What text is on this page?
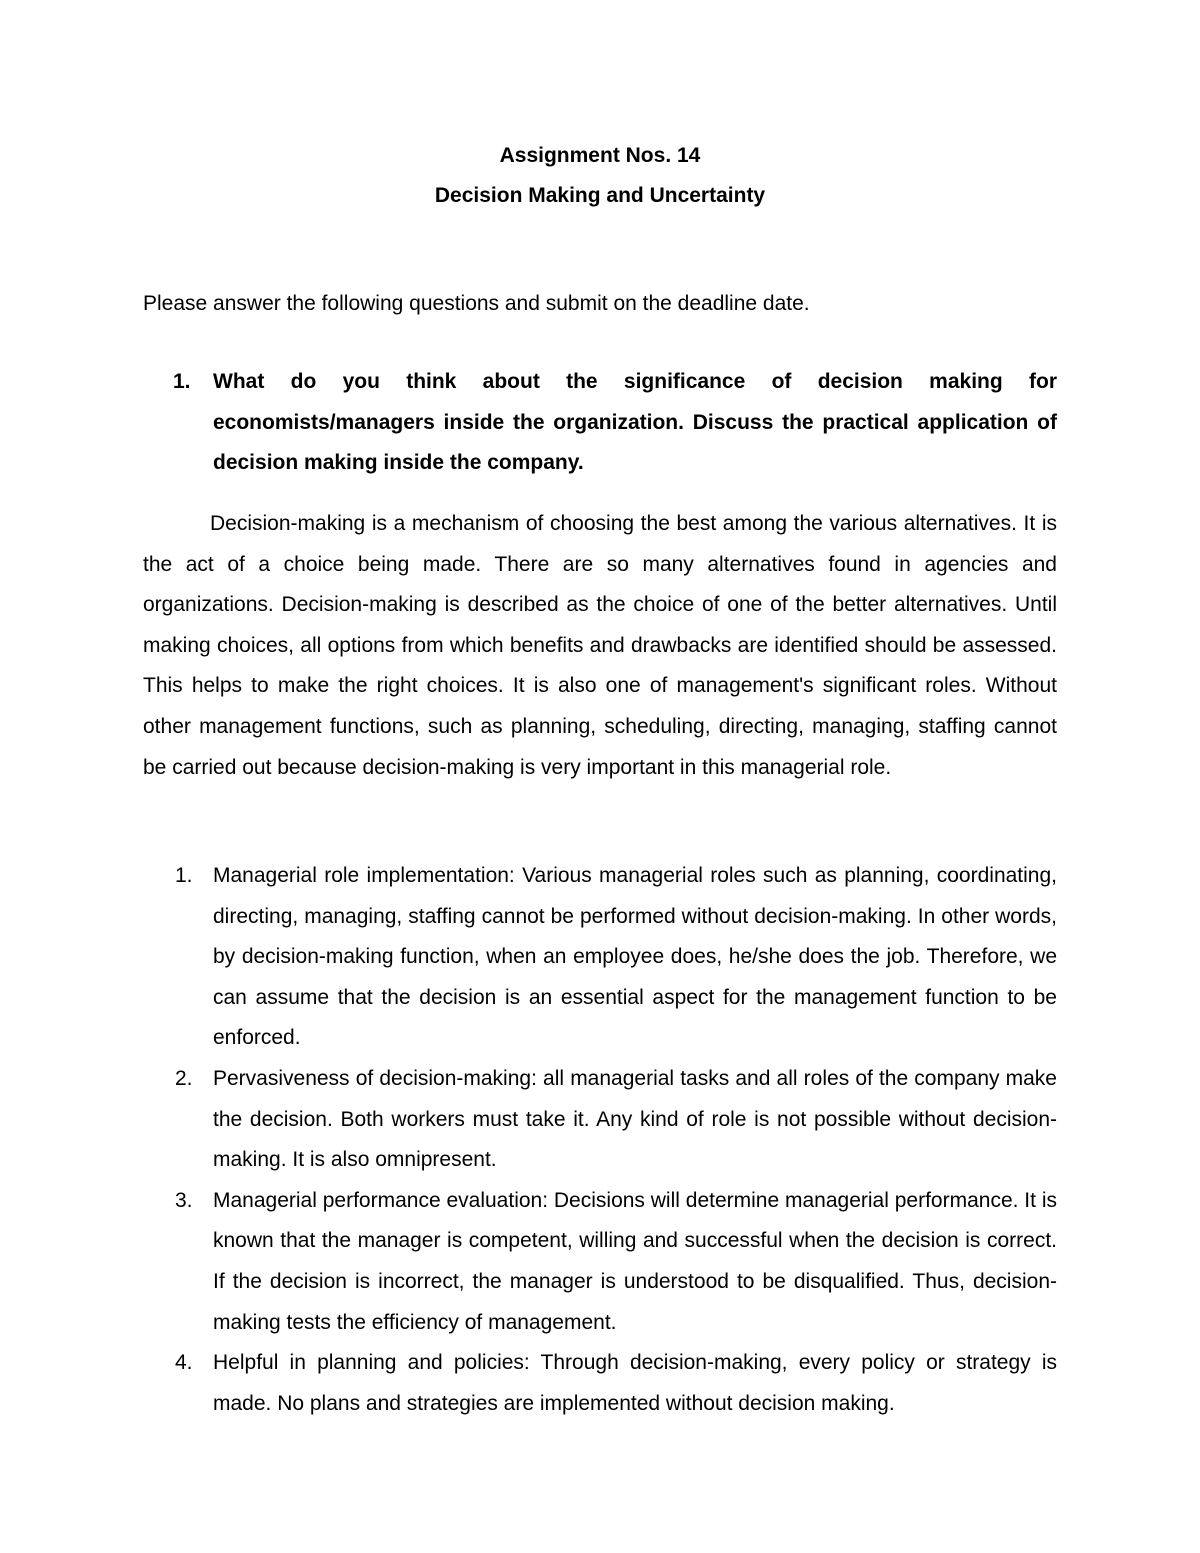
Assignment Nos. 14
Decision Making and Uncertainty

Please answer the following questions and submit on the deadline date.

1.	What do you think about the significance of decision making for economists/managers inside the organization. Discuss the practical application of decision making inside the company.

Decision-making is a mechanism of choosing the best among the various alternatives. It is the act of a choice being made. There are so many alternatives found in agencies and organizations. Decision-making is described as the choice of one of the better alternatives. Until making choices, all options from which benefits and drawbacks are identified should be assessed. This helps to make the right choices. It is also one of management's significant roles. Without other management functions, such as planning, scheduling, directing, managing, staffing cannot be carried out because decision-making is very important in this managerial role.

1. Managerial role implementation: Various managerial roles such as planning, coordinating, directing, managing, staffing cannot be performed without decision-making. In other words, by decision-making function, when an employee does, he/she does the job. Therefore, we can assume that the decision is an essential aspect for the management function to be enforced.
2. Pervasiveness of decision-making: all managerial tasks and all roles of the company make the decision. Both workers must take it. Any kind of role is not possible without decision-making. It is also omnipresent.
3. Managerial performance evaluation: Decisions will determine managerial performance. It is known that the manager is competent, willing and successful when the decision is correct. If the decision is incorrect, the manager is understood to be disqualified. Thus, decision-making tests the efficiency of management.
4. Helpful in planning and policies: Through decision-making, every policy or strategy is made. No plans and strategies are implemented without decision making.
